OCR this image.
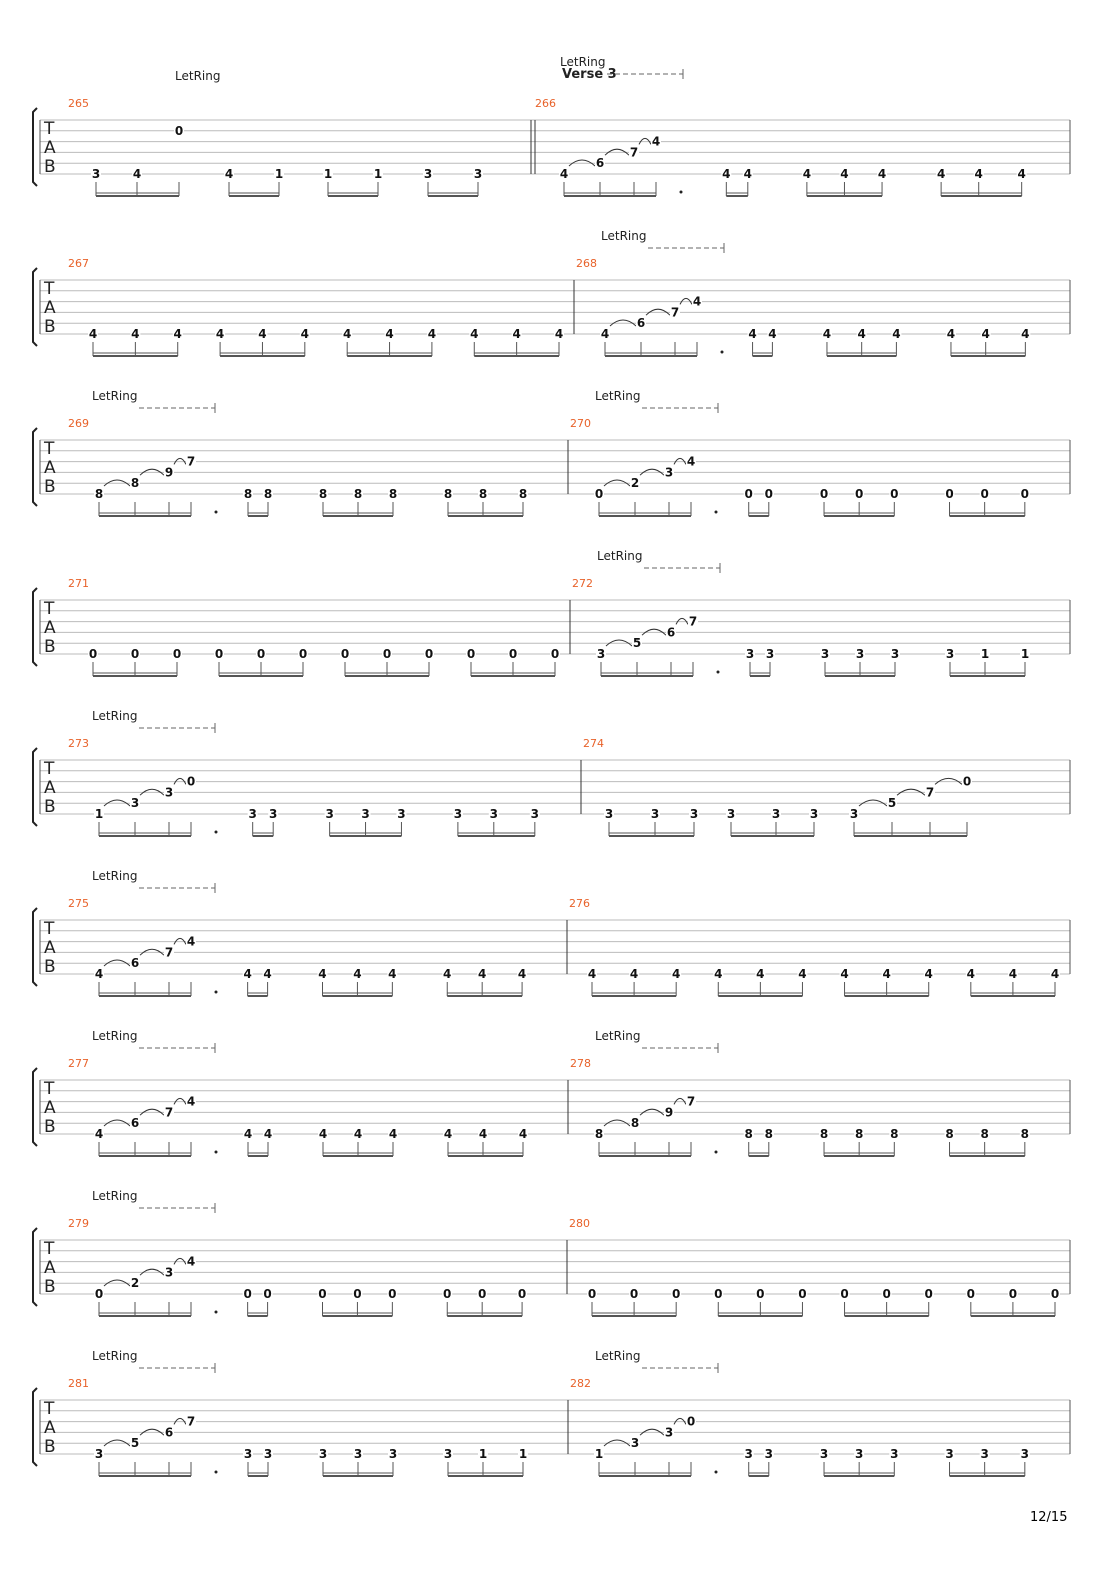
T
A
B
265
LetRing
3	4
0
4	1	1	1	3	3
266
Verse 3
LetRing
4
6
7
4
4 4	4 4 4	4 4	4
T
A
B
267
4	4	4	4	4	4	4	4	4	4	4	4
268
LetRing
4
6
7
4
4 4	4 4 4	4 4	4
T
A
B
269
LetRing
8
8
9
7
8 8	8 8 8	8 8	8
270
LetRing
0
2
3
4
0 0	0 0 0	0 0	0
T
A
B
271
0	0	0	0	0	0	0	0	0	0	0	0
272
LetRing
3
5
6
7
3 3	3 3 3	3 1	1
T
A
B
273
LetRing
1
3
3
0
3 3	3 3 3	3 3	3
274
3	3	3 3	3 3	3
5
7
0
T
A
B
275
LetRing
4
6
7
4
4 4	4 4 4	4 4	4
276
4	4	4	4	4	4	4	4	4	4	4	4
T
A
B
277
LetRing
4
6
7
4
4 4	4 4 4	4 4	4
278
LetRing
8
8
9
7
8 8	8 8 8	8 8	8
T
A
B
279
LetRing
0
2
3
4
0 0	0 0 0	0 0	0
280
0	0	0	0	0	0	0	0	0	0	0	0
T
A
B
281
LetRing
3
5
6
7
3 3	3 3 3	3 1	1
282
LetRing
1
3
3
0
3 3	3 3 3	3 3	3
12/15
